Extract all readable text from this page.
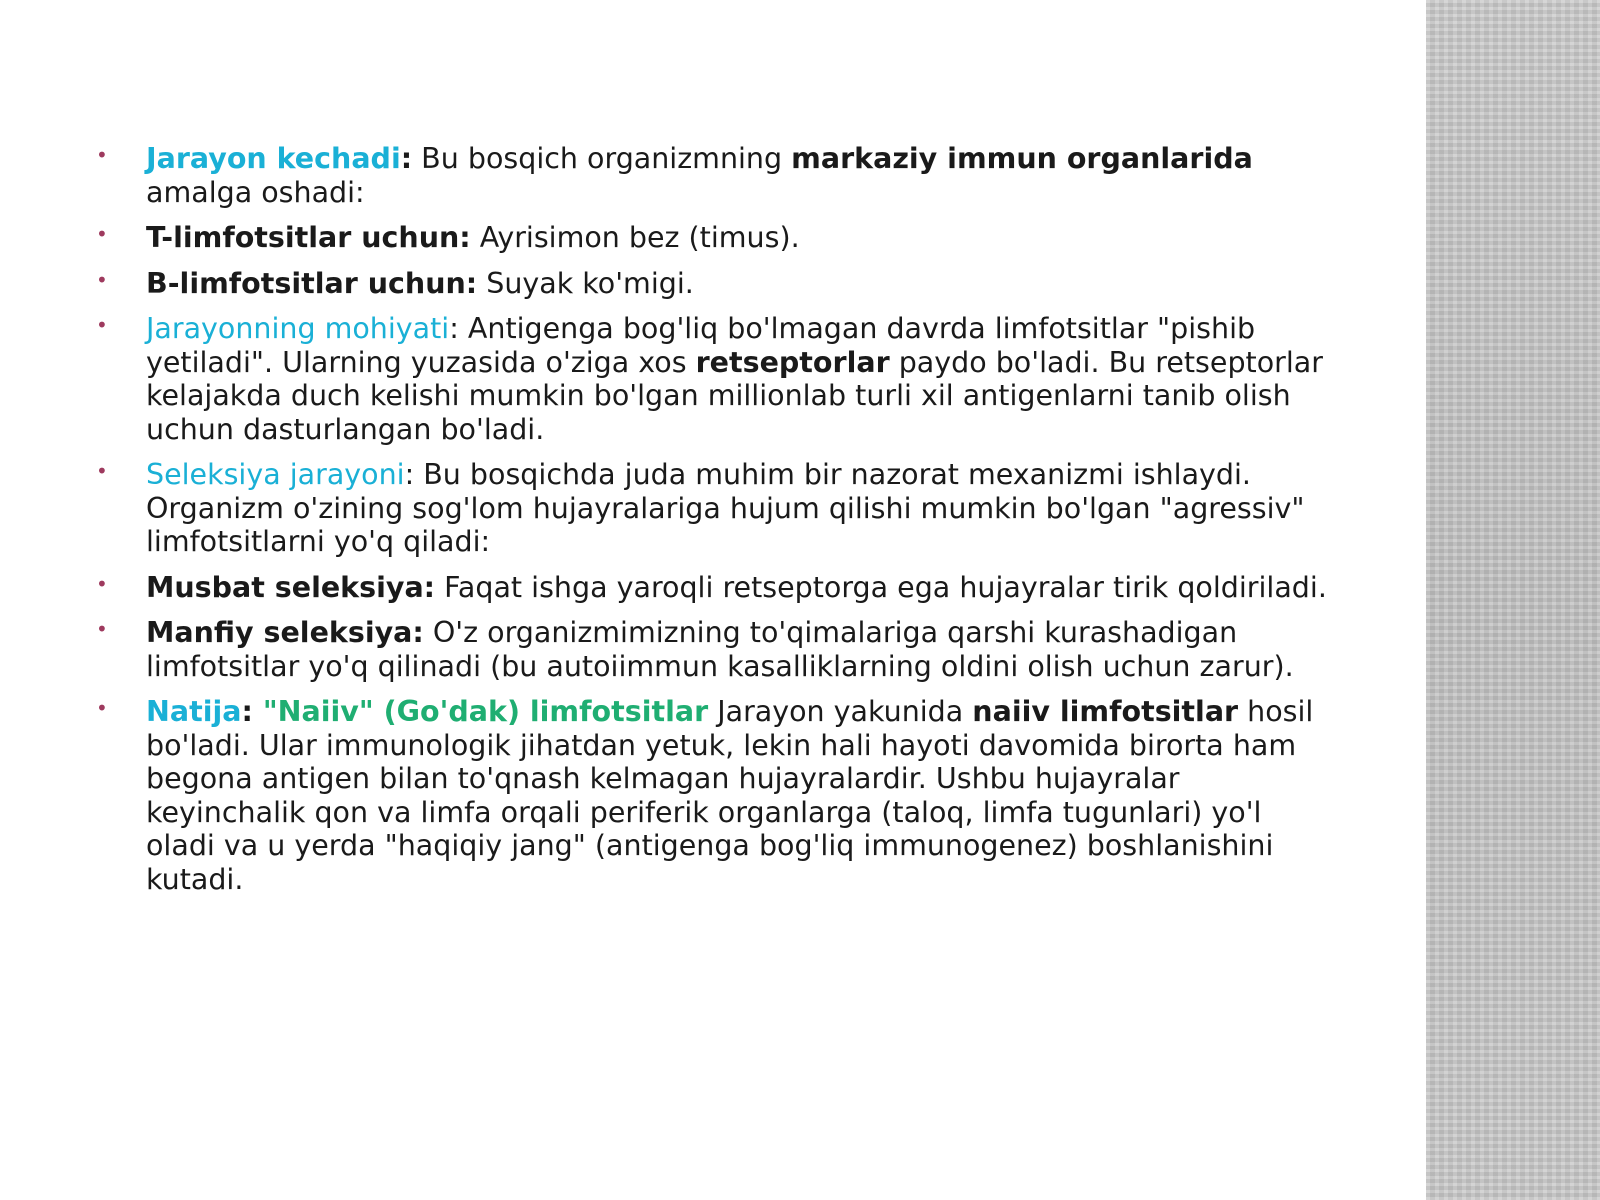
• Jarayon kechadi: Bu bosqich organizmning markaziy immun organlarida amalga oshadi:
• T-limfotsitlar uchun: Ayrisimon bez (timus).
• B-limfotsitlar uchun: Suyak ko'migi.
• Jarayonning mohiyati: Antigenga bog'liq bo'lmagan davrda limfotsitlar "pishib yetiladi". Ularning yuzasida o'ziga xos retseptorlar paydo bo'ladi. Bu retseptorlar kelajakda duch kelishi mumkin bo'lgan millionlab turli xil antigenlarni tanib olish uchun dasturlangan bo'ladi.
• Seleksiya jarayoni: Bu bosqichda juda muhim bir nazorat mexanizmi ishlaydi. Organizm o'zining sog'lom hujayralariga hujum qilishi mumkin bo'lgan "agressiv" limfotsitlarni yo'q qiladi:
• Musbat seleksiya: Faqat ishga yaroqli retseptorga ega hujayralar tirik qoldiriladi.
• Manfiy seleksiya: O'z organizmimizning to'qimalariga qarshi kurashadigan limfotsitlar yo'q qilinadi (bu autoiimmun kasalliklarning oldini olish uchun zarur).
• Natija: "Naiiv" (Go'dak) limfotsitlar Jarayon yakunida naiiv limfotsitlar hosil bo'ladi. Ular immunologik jihatdan yetuk, lekin hali hayoti davomida birorta ham begona antigen bilan to'qnash kelmagan hujayralardir. Ushbu hujayralar keyinchalik qon va limfa orqali periferik organlarga (taloq, limfa tugunlari) yo'l oladi va u yerda "haqiqiy jang" (antigenga bog'liq immunogenez) boshlanishini kutadi.
